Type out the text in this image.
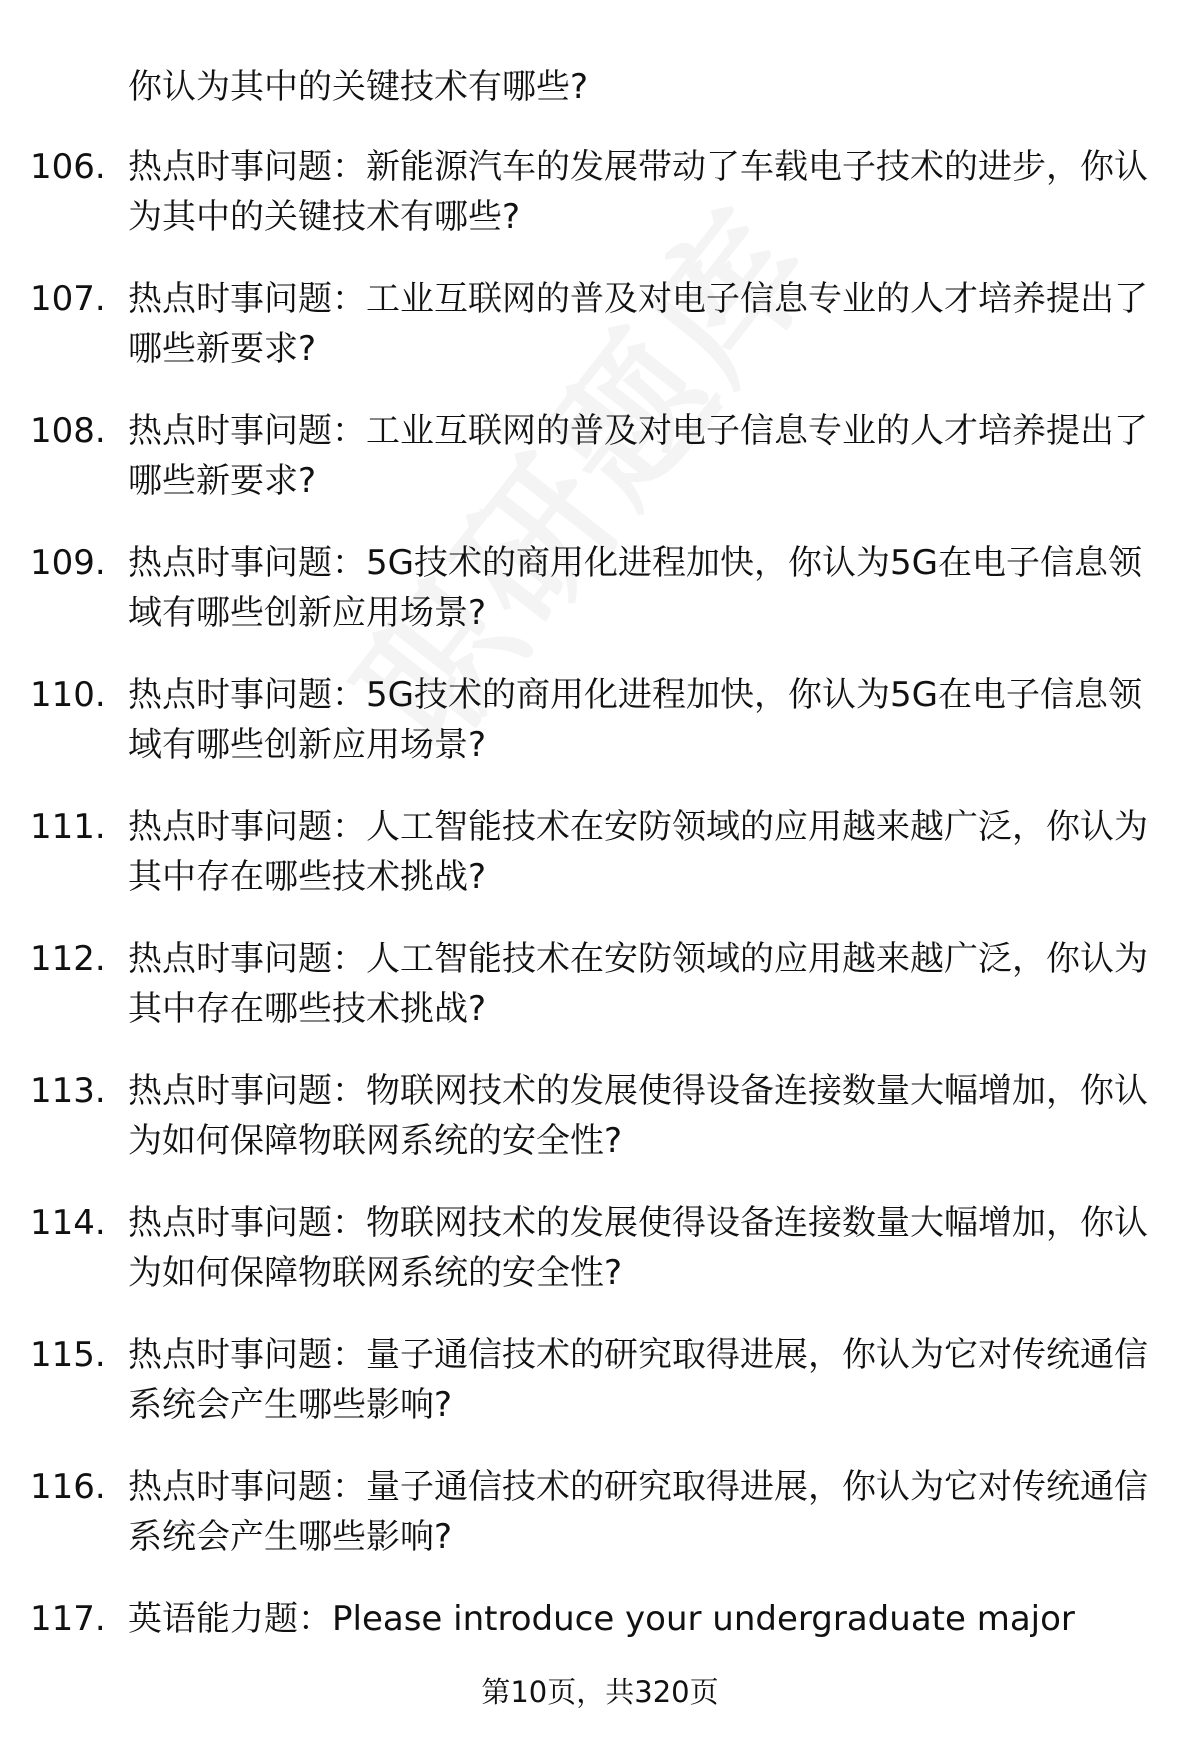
你认为其中的关键技术有哪些?
106. 热点时事问题：新能源汽车的发展带动了车载电子技术的进步，你认为其中的关键技术有哪些?
107. 热点时事问题：工业互联网的普及对电子信息专业的人才培养提出了哪些新要求?
108. 热点时事问题：工业互联网的普及对电子信息专业的人才培养提出了哪些新要求?
109. 热点时事问题：5G技术的商用化进程加快，你认为5G在电子信息领域有哪些创新应用场景?
110. 热点时事问题：5G技术的商用化进程加快，你认为5G在电子信息领域有哪些创新应用场景?
111. 热点时事问题：人工智能技术在安防领域的应用越来越广泛，你认为其中存在哪些技术挑战?
112. 热点时事问题：人工智能技术在安防领域的应用越来越广泛，你认为其中存在哪些技术挑战?
113. 热点时事问题：物联网技术的发展使得设备连接数量大幅增加，你认为如何保障物联网系统的安全性?
114. 热点时事问题：物联网技术的发展使得设备连接数量大幅增加，你认为如何保障物联网系统的安全性?
115. 热点时事问题：量子通信技术的研究取得进展，你认为它对传统通信系统会产生哪些影响?
116. 热点时事问题：量子通信技术的研究取得进展，你认为它对传统通信系统会产生哪些影响?
117. 英语能力题：Please introduce your undergraduate major
第10页，共320页
